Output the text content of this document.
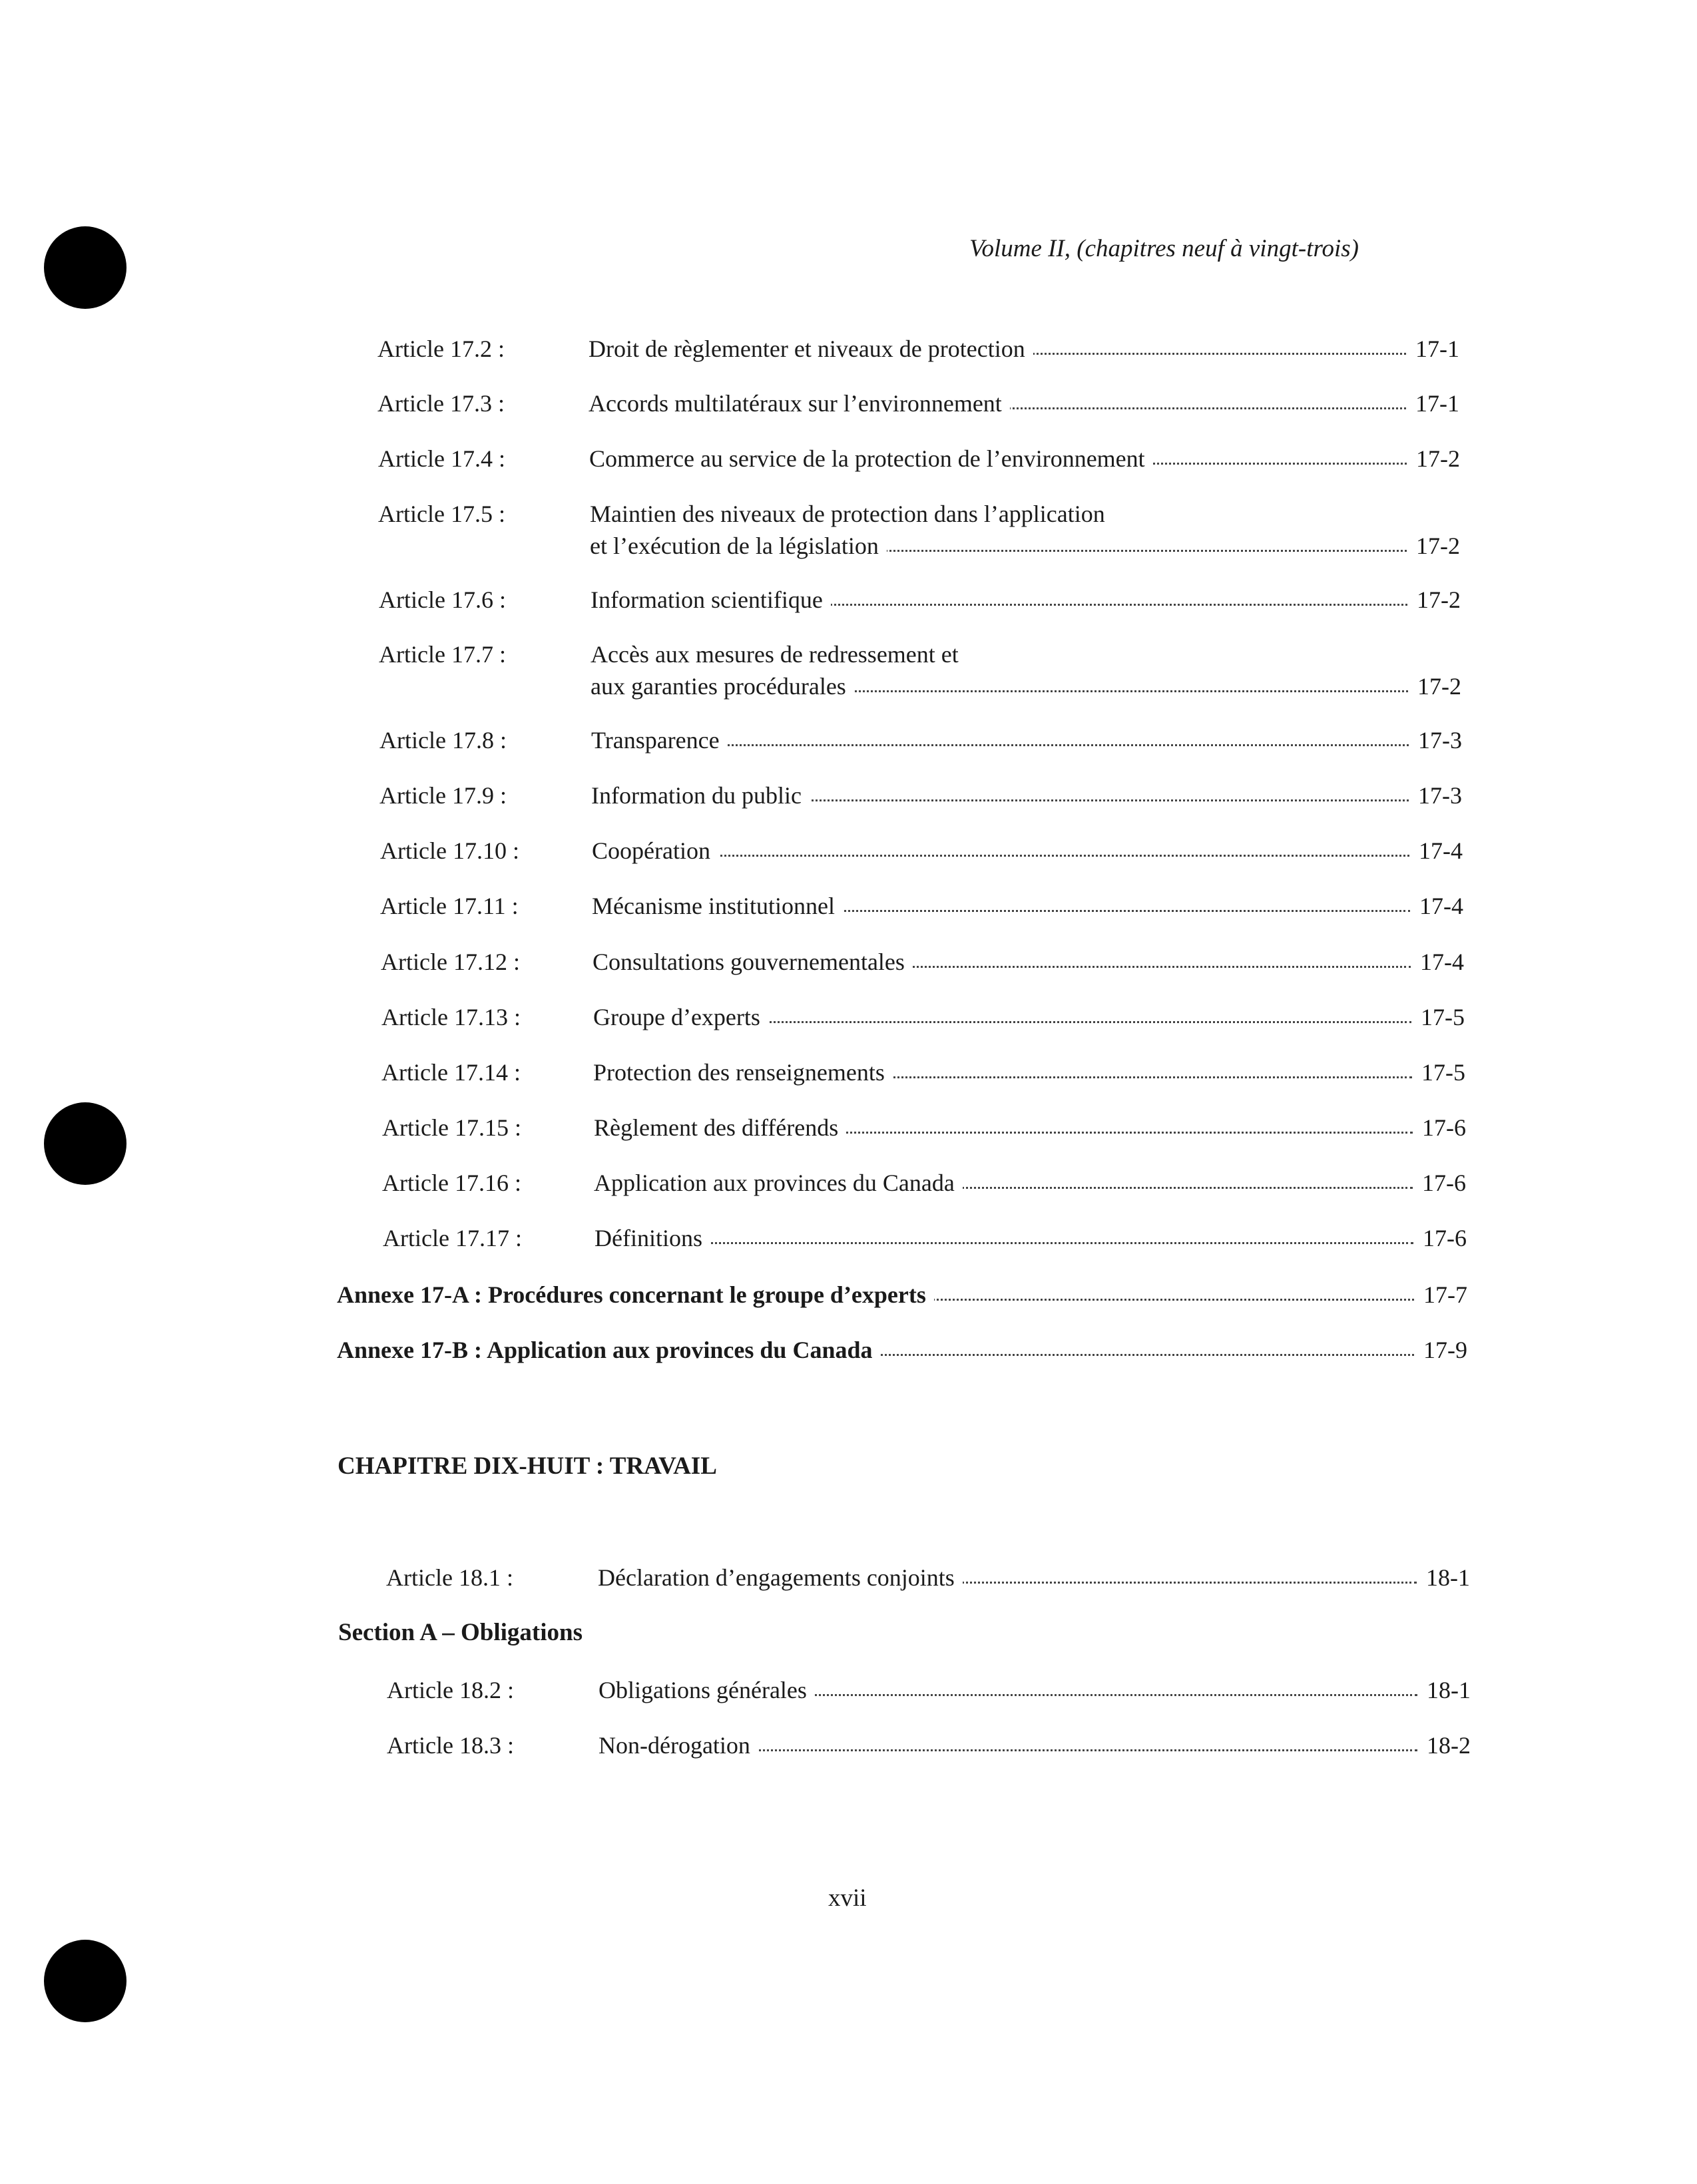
Volume II, (chapitres neuf à vingt-trois)
Article 17.2 :	Droit de règlementer et niveaux de protection	17-1
Article 17.3 :	Accords multilatéraux sur l’environnement	17-1
Article 17.4 :	Commerce au service de la protection de l’environnement	17-2
Article 17.5 :	Maintien des niveaux de protection dans l’application
et l’exécution de la législation	17-2
Article 17.6 :	Information scientifique	17-2
Article 17.7 :	Accès aux mesures de redressement et
aux garanties procédurales	17-2
Article 17.8 :	Transparence	17-3
Article 17.9 :	Information du public	17-3
Article 17.10 :	Coopération	17-4
Article 17.11 :	Mécanisme institutionnel	17-4
Article 17.12 :	Consultations gouvernementales	17-4
Article 17.13 :	Groupe d’experts	17-5
Article 17.14 :	Protection des renseignements	17-5
Article 17.15 :	Règlement des différends	17-6
Article 17.16 :	Application aux provinces du Canada	17-6
Article 17.17 :	Définitions	17-6
Annexe 17-A : Procédures concernant le groupe d’experts	17-7
Annexe 17-B : Application aux provinces du Canada	17-9
CHAPITRE DIX-HUIT : TRAVAIL
Article 18.1 :	Déclaration d’engagements conjoints	18-1
Section A – Obligations
Article 18.2 :	Obligations générales	18-1
Article 18.3 :	Non-dérogation	18-2
xvii
